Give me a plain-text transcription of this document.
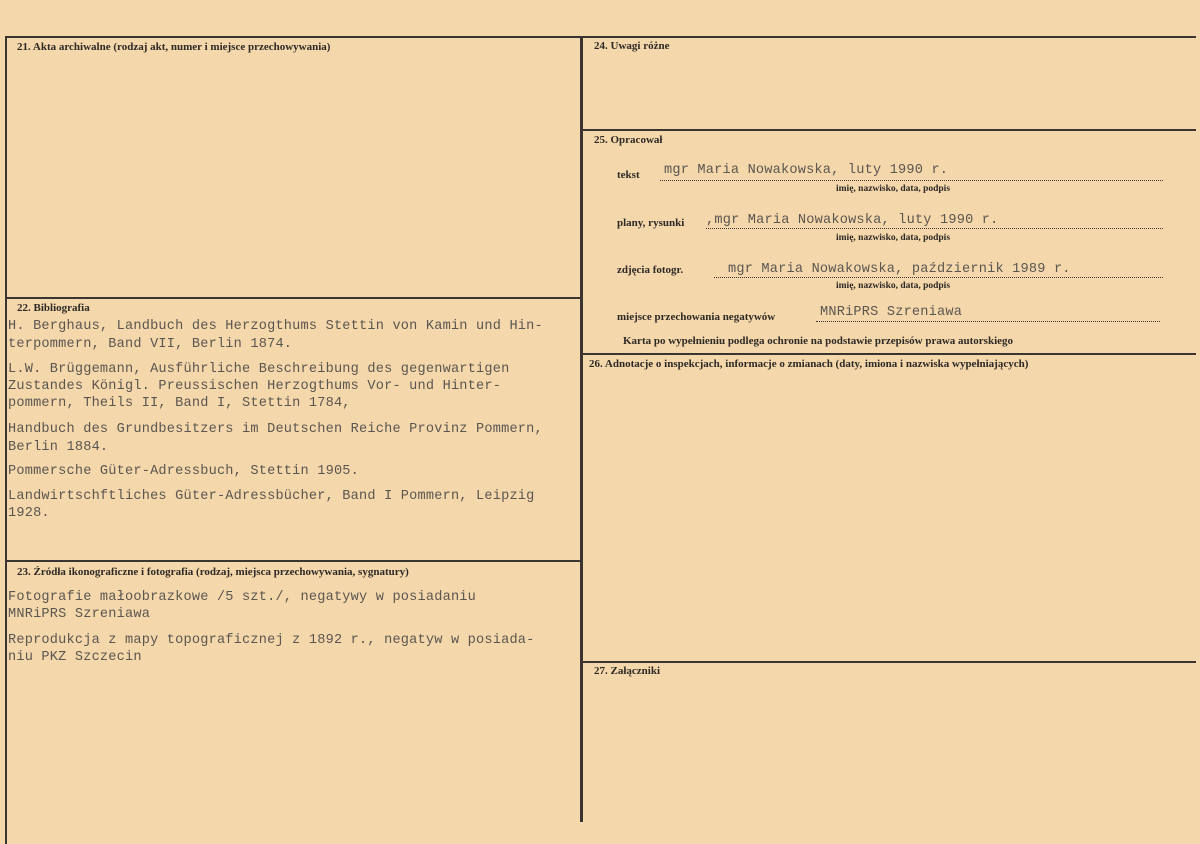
21. Akta archiwalne (rodzaj akt, numer i miejsce przechowywania)
22. Bibliografia
H. Berghaus, Landbuch des Herzogthums Stettin von Kamin und Hin-
terpommern, Band VII, Berlin 1874.
L.W. Brüggemann, Ausführliche Beschreibung des gegenwartigen
Zustandes Königl. Preussischen Herzogthums Vor- und Hinter-
pommern, Theils II, Band I, Stettin 1784,
Handbuch des Grundbesitzers im Deutschen Reiche Provinz Pommern,
Berlin 1884.
Pommersche Güter-Adressbuch, Stettin 1905.
Landwirtschftliches Güter-Adressbücher, Band I Pommern, Leipzig
1928.
23. Źródła ikonograficzne i fotografia (rodzaj, miejsca przechowywania, sygnatury)
Fotografie małoobrazkowe /5 szt./, negatywy w posiadaniu
MNRiPRS Szreniawa
Reprodukcja z mapy topograficznej z 1892 r., negatyw w posiada-
niu PKZ Szczecin
24. Uwagi różne
25. Opracował
tekst mgr Maria Nowakowska, luty 1990 r.
imię, nazwisko, data, podpis
plany, rysunki ,mgr Maria Nowakowska, luty 1990 r.
imię, nazwisko, data, podpis
zdjęcia fotogr.	mgr Maria Nowakowska, październik 1989 r.
imię, nazwisko, data, podpis
miejsce przechowania negatywów	MNRiPRS Szreniawa
Karta po wypełnieniu podlega ochronie na podstawie przepisów prawa autorskiego
26. Adnotacje o inspekcjach, informacje o zmianach (daty, imiona i nazwiska wypełniających)
27. Załączniki
